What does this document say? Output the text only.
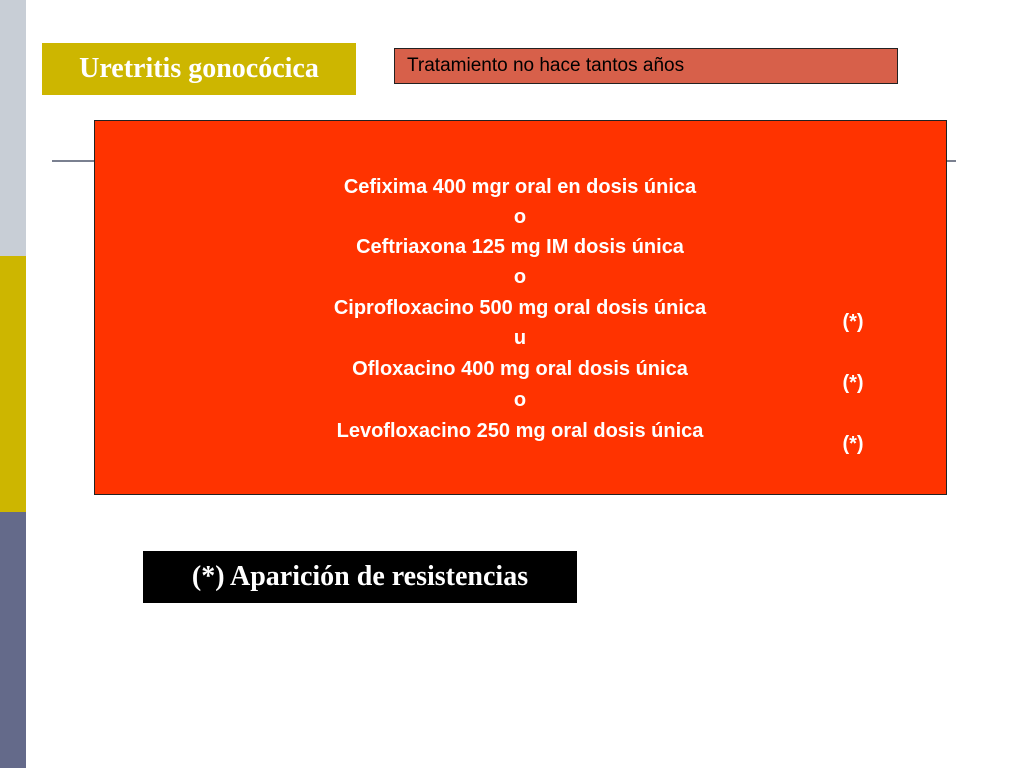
Uretritis gonocócica	Tratamiento no hace tantos años
Cefixima 400 mgr oral en dosis única
o
Ceftriaxona 125 mg IM dosis única
o
Ciprofloxacino 500 mg oral dosis única
u
Ofloxacino 400 mg oral dosis única
o
Levofloxacino 250 mg oral dosis única
(*)
(*)
(*)
(*) Aparición de resistencias
